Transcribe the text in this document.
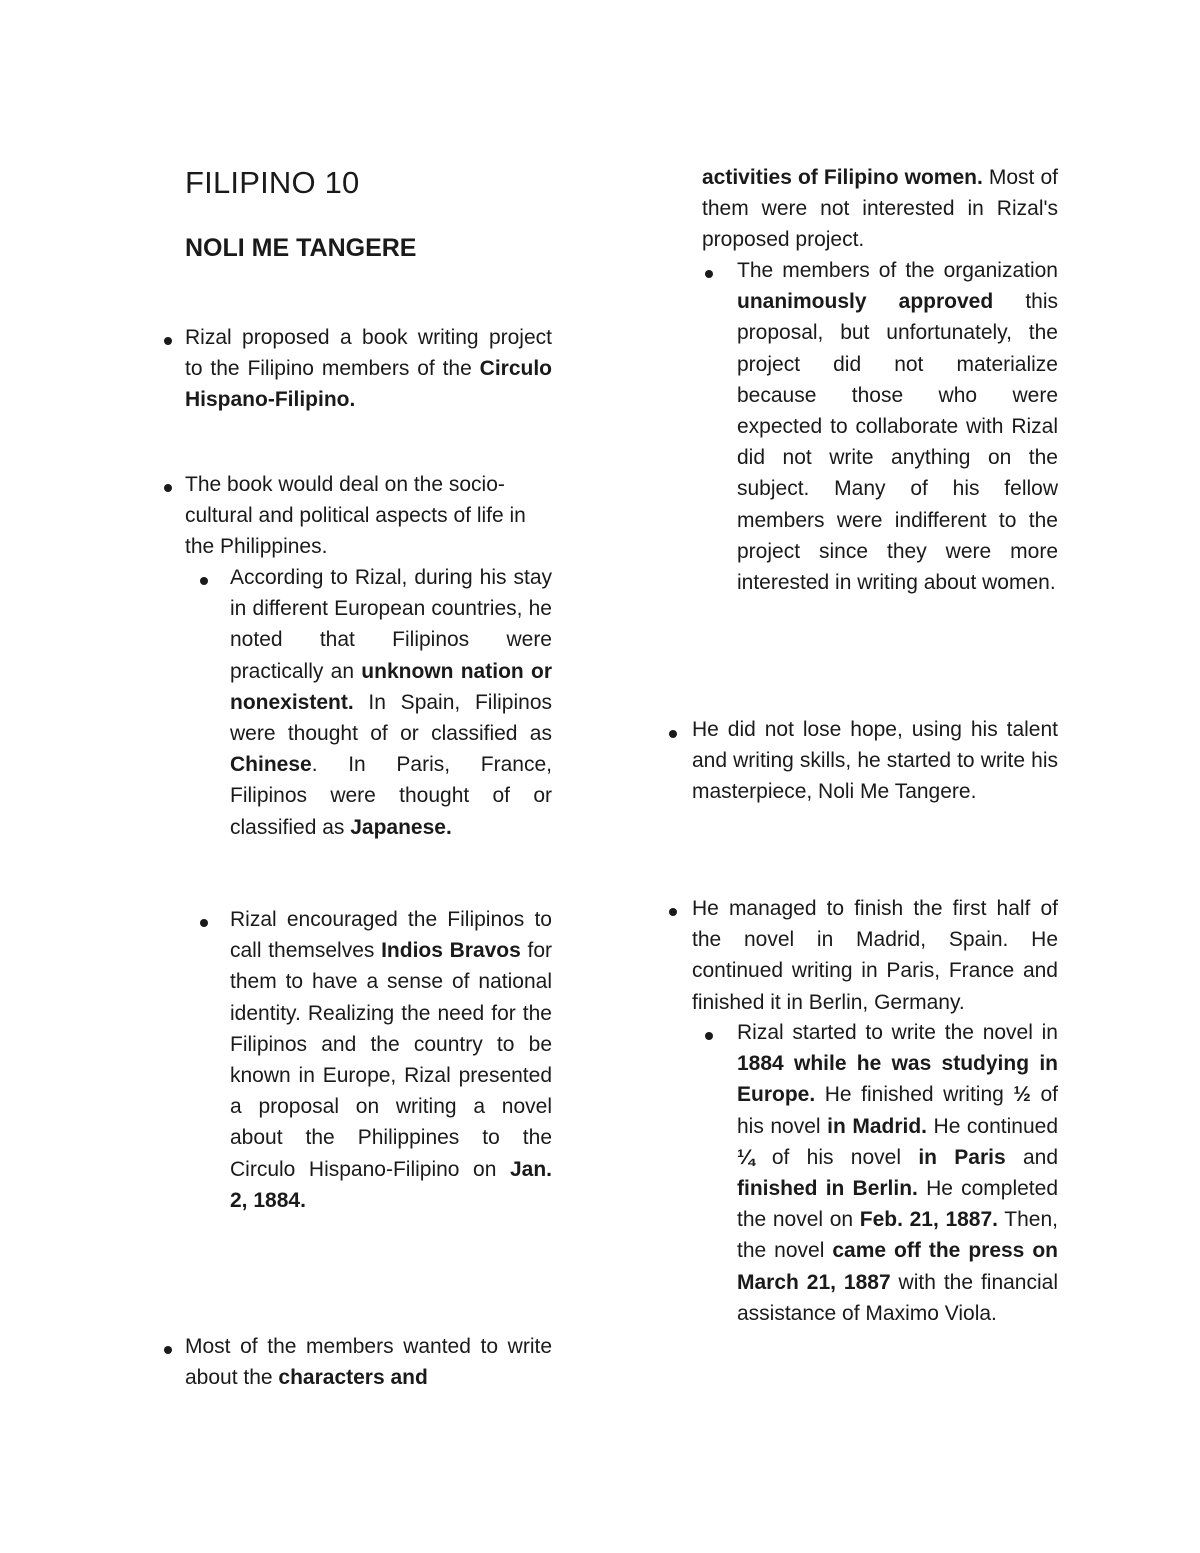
FILIPINO 10
NOLI ME TANGERE

Rizal proposed a book writing project to the Filipino members of the Circulo Hispano-Filipino.

The book would deal on the socio-cultural and political aspects of life in the Philippines.

According to Rizal, during his stay in different European countries, he noted that Filipinos were practically an unknown nation or nonexistent. In Spain, Filipinos were thought of or classified as Chinese. In Paris, France, Filipinos were thought of or classified as Japanese.

Rizal encouraged the Filipinos to call themselves Indios Bravos for them to have a sense of national identity. Realizing the need for the Filipinos and the country to be known in Europe, Rizal presented a proposal on writing a novel about the Philippines to the Circulo Hispano-Filipino on Jan. 2, 1884.

Most of the members wanted to write about the characters and

activities of Filipino women. Most of them were not interested in Rizal's proposed project.

The members of the organization unanimously approved this proposal, but unfortunately, the project did not materialize because those who were expected to collaborate with Rizal did not write anything on the subject. Many of his fellow members were indifferent to the project since they were more interested in writing about women.

He did not lose hope, using his talent and writing skills, he started to write his masterpiece, Noli Me Tangere.

He managed to finish the first half of the novel in Madrid, Spain. He continued writing in Paris, France and finished it in Berlin, Germany.

Rizal started to write the novel in 1884 while he was studying in Europe. He finished writing ½ of his novel in Madrid. He continued ¼ of his novel in Paris and finished in Berlin. He completed the novel on Feb. 21, 1887. Then, the novel came off the press on March 21, 1887 with the financial assistance of Maximo Viola.
